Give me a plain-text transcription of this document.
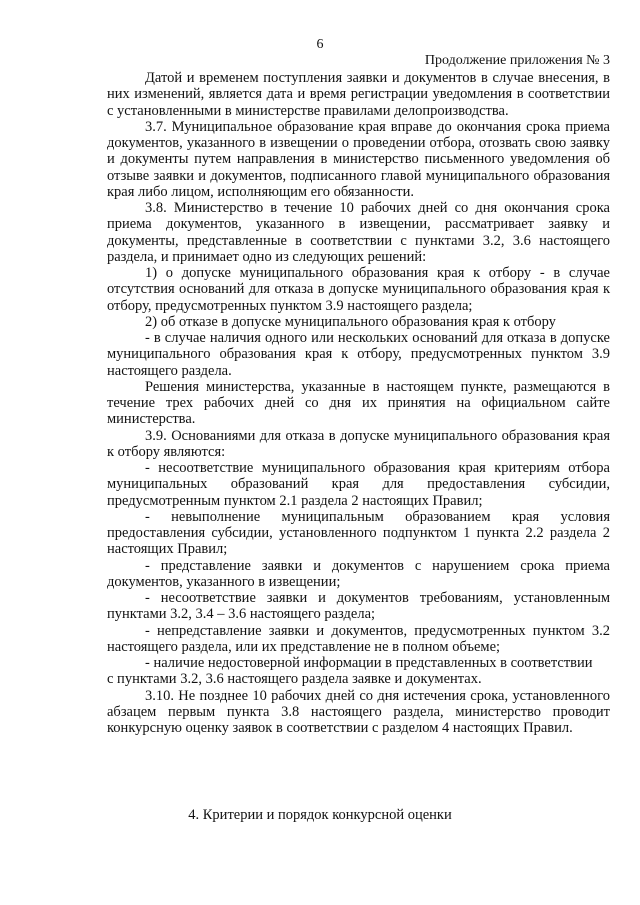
6
Продолжение приложения № 3

Датой и временем поступления заявки и документов в случае внесения, в них изменений, является дата и время регистрации уведомления в соответствии с установленными в министерстве правилами делопроизводства.

3.7. Муниципальное образование края вправе до окончания срока приема документов, указанного в извещении о проведении отбора, отозвать свою заявку и документы путем направления в министерство письменного уведомления об отзыве заявки и документов, подписанного главой муниципального образования края либо лицом, исполняющим его обязанности.

3.8. Министерство в течение 10 рабочих дней со дня окончания срока приема документов, указанного в извещении, рассматривает заявку и документы, представленные в соответствии с пунктами 3.2, 3.6 настоящего раздела, и принимает одно из следующих решений:

1) о допуске муниципального образования края к отбору - в случае отсутствия оснований для отказа в допуске муниципального образования края к отбору, предусмотренных пунктом 3.9 настоящего раздела;

2) об отказе в допуске муниципального образования края к отбору

- в случае наличия одного или нескольких оснований для отказа в допуске муниципального образования края к отбору, предусмотренных пунктом 3.9 настоящего раздела.

Решения министерства, указанные в настоящем пункте, размещаются в течение трех рабочих дней со дня их принятия на официальном сайте министерства.

3.9. Основаниями для отказа в допуске муниципального образования края к отбору являются:

- несоответствие муниципального образования края критериям отбора муниципальных образований края для предоставления субсидии, предусмотренным пунктом 2.1 раздела 2 настоящих Правил;

- невыполнение муниципальным образованием края условия предоставления субсидии, установленного подпунктом 1 пункта 2.2 раздела 2 настоящих Правил;

- представление заявки и документов с нарушением срока приема документов, указанного в извещении;

- несоответствие заявки и документов требованиям, установленным пунктами 3.2, 3.4 – 3.6 настоящего раздела;

- непредставление заявки и документов, предусмотренных пунктом 3.2 настоящего раздела, или их представление не в полном объеме;

- наличие недостоверной информации в представленных в соответствии

с пунктами 3.2, 3.6 настоящего раздела заявке и документах.

3.10. Не позднее 10 рабочих дней со дня истечения срока, установленного абзацем первым пункта 3.8 настоящего раздела, министерство проводит конкурсную оценку заявок в соответствии с разделом 4 настоящих Правил.

4. Критерии и порядок конкурсной оценки
